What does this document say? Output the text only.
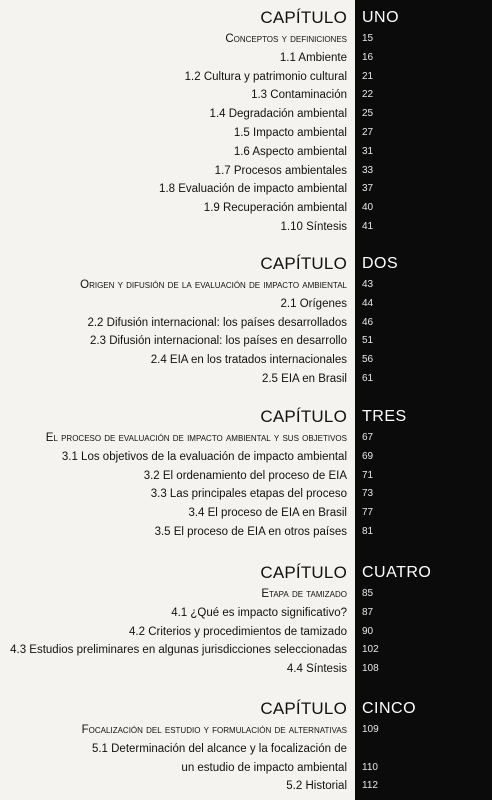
CAPÍTULO UNO
Conceptos y definiciones 15
1.1 Ambiente 16
1.2 Cultura y patrimonio cultural 21
1.3 Contaminación 22
1.4 Degradación ambiental 25
1.5 Impacto ambiental 27
1.6 Aspecto ambiental 31
1.7 Procesos ambientales 33
1.8 Evaluación de impacto ambiental 37
1.9 Recuperación ambiental 40
1.10 Síntesis 41
CAPÍTULO DOS
Origen y difusión de la evaluación de impacto ambiental 43
2.1 Orígenes 44
2.2 Difusión internacional: los países desarrollados 46
2.3 Difusión internacional: los países en desarrollo 51
2.4 EIA en los tratados internacionales 56
2.5 EIA en Brasil 61
CAPÍTULO TRES
El proceso de evaluación de impacto ambiental y sus objetivos 67
3.1 Los objetivos de la evaluación de impacto ambiental 69
3.2 El ordenamiento del proceso de EIA 71
3.3 Las principales etapas del proceso 73
3.4 El proceso de EIA en Brasil 77
3.5 El proceso de EIA en otros países 81
CAPÍTULO CUATRO
Etapa de tamizado 85
4.1 ¿Qué es impacto significativo? 87
4.2 Criterios y procedimientos de tamizado 90
4.3 Estudios preliminares en algunas jurisdicciones seleccionadas 102
4.4 Síntesis 108
CAPÍTULO CINCO
Focalización del estudio y formulación de alternativas 109
5.1 Determinación del alcance y la focalización de
un estudio de impacto ambiental 110
5.2 Historial 112
